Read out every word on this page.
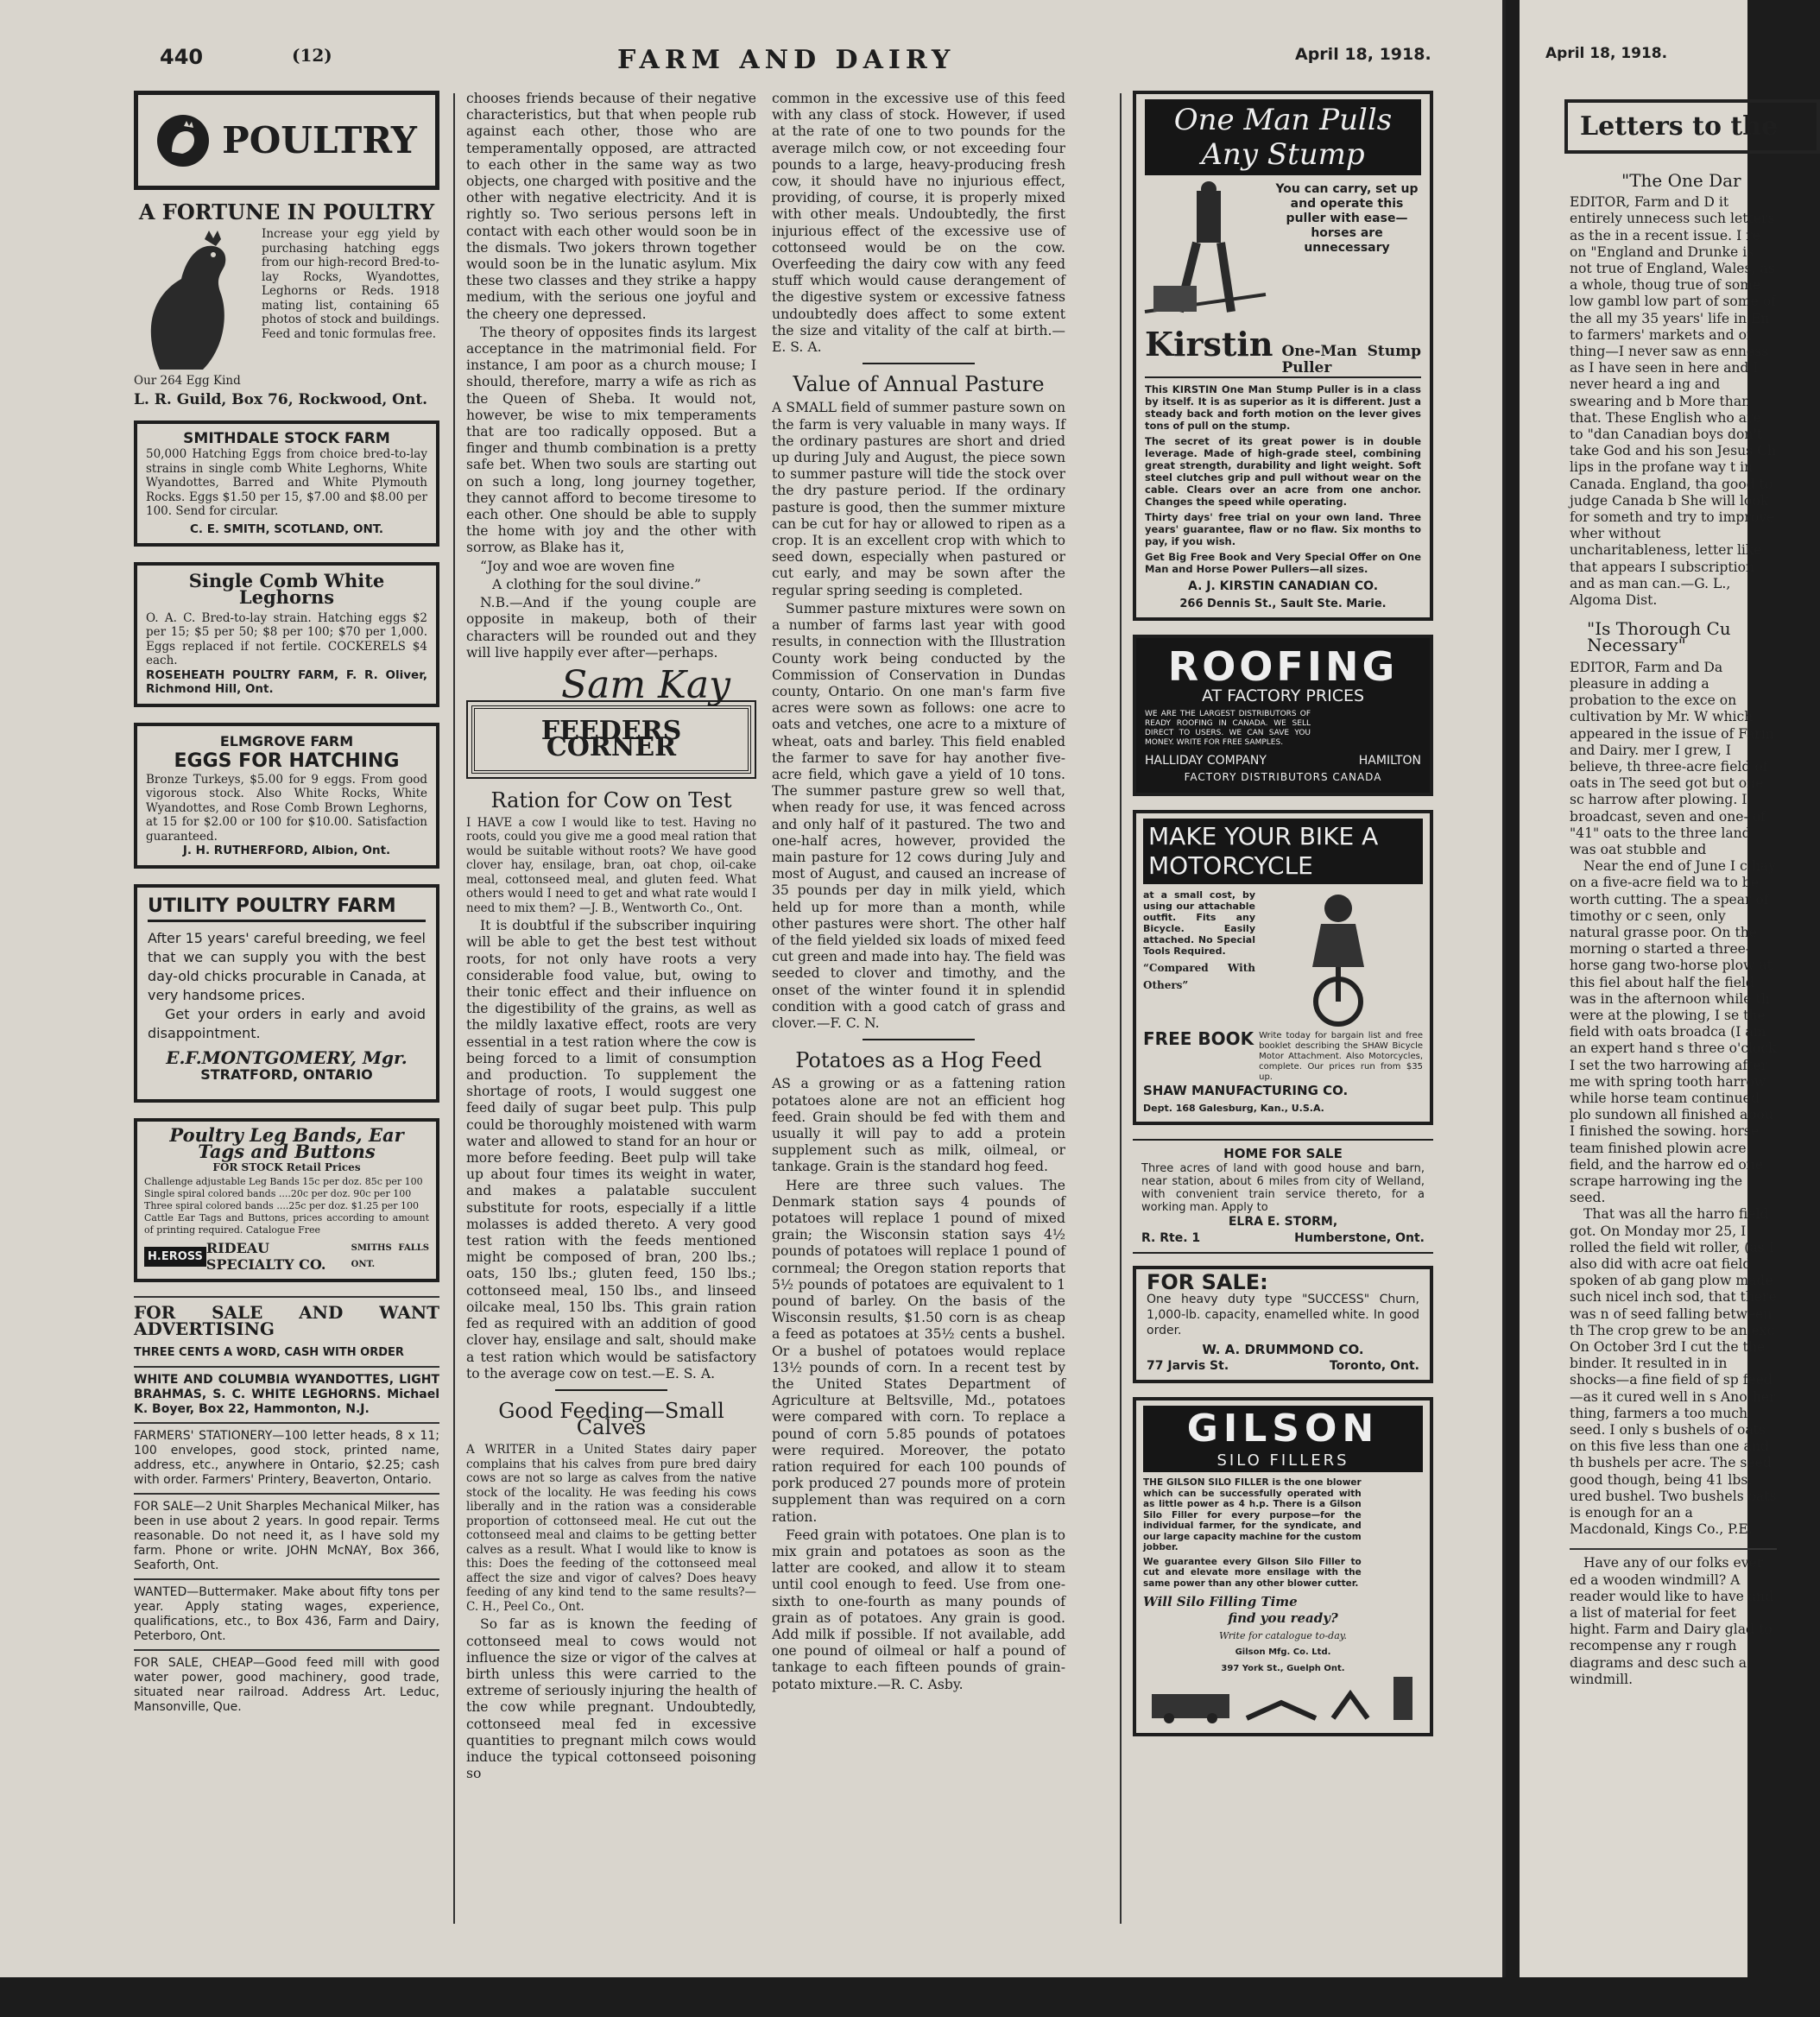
440	(12)	FARM AND DAIRY	April 18, 1918.
POULTRY
A FORTUNE IN POULTRY
Increase your egg yield by purchasing hatching eggs from our high-record Bred-to-lay Rocks, Wyandottes, Leghorns or Reds. 1918 mating list, containing 65 photos of stock and buildings. Feed and tonic formulas free.
Our 264 Egg Kind
L. R. Guild, Box 76, Rockwood, Ont.
SMITHDALE STOCK FARM
50,000 Hatching Eggs from choice bred-to-lay strains in single comb White Leghorns, White Wyandottes, Barred and White Plymouth Rocks. Eggs $1.50 per 15, $7.00 and $8.00 per 100. Send for circular.
C. E. SMITH, SCOTLAND, ONT.
Single Comb White Leghorns
O. A. C. Bred-to-lay strain. Hatching eggs $2 per 15; $5 per 50; $8 per 100; $70 per 1,000. Eggs replaced if not fertile. COCKERELS $4 each.
ROSEHEATH POULTRY FARM, F. R. Oliver, Richmond Hill, Ont.
ELMGROVE FARM
EGGS FOR HATCHING
Bronze Turkeys, $5.00 for 9 eggs. From good vigorous stock. Also White Rocks, White Wyandottes, and Rose Comb Brown Leghorns, at 15 for $2.00 or 100 for $10.00. Satisfaction guaranteed.
J. H. RUTHERFORD, Albion, Ont.
UTILITY POULTRY FARM
After 15 years' careful breeding, we feel that we can supply you with the best day-old chicks procurable in Canada, at very handsome prices.
Get your orders in early and avoid disappointment.
E.F.MONTGOMERY, Mgr.
STRATFORD, ONTARIO
Poultry Leg Bands, Ear Tags and Buttons
FOR STOCK Retail Prices
Challenge adjustable Leg Bands 15c per doz. 85c per 100
Single spiral colored bands ....20c per doz. 90c per 100
Three spiral colored bands ....25c per doz. $1.25 per 100
Cattle Ear Tags and Buttons, prices according to amount of printing required. Catalogue Free
H.EROSS
RIDEAU SPECIALTY CO.
SMITHS FALLS ONT.
FOR SALE AND WANT ADVERTISING
THREE CENTS A WORD, CASH WITH ORDER
WHITE AND COLUMBIA WYANDOTTES, LIGHT BRAHMAS, S. C. WHITE LEGHORNS. Michael K. Boyer, Box 22, Hammonton, N.J.
FARMERS' STATIONERY—100 letter heads, 8 x 11; 100 envelopes, good stock, printed name, address, etc., anywhere in Ontario, $2.25; cash with order. Farmers' Printery, Beaverton, Ontario.
FOR SALE—2 Unit Sharples Mechanical Milker, has been in use about 2 years. In good repair. Terms reasonable. Do not need it, as I have sold my farm. Phone or write. JOHN McNAY, Box 366, Seaforth, Ont.
WANTED—Buttermaker. Make about fifty tons per year. Apply stating wages, experience, qualifications, etc., to Box 436, Farm and Dairy, Peterboro, Ont.
FOR SALE, CHEAP—Good feed mill with good water power, good machinery, good trade, situated near railroad. Address Art. Leduc, Mansonville, Que.

chooses friends because of their negative characteristics, but that when people rub against each other, those who are temperamentally opposed, are attracted to each other in the same way as two objects, one charged with positive and the other with negative electricity. And it is rightly so. Two serious persons left in contact with each other would soon be in the dismals. Two jokers thrown together would soon be in the lunatic asylum. Mix these two classes and they strike a happy medium, with the serious one joyful and the cheery one depressed.

The theory of opposites finds its largest acceptance in the matrimonial field. For instance, I am poor as a church mouse; I should, therefore, marry a wife as rich as the Queen of Sheba. It would not, however, be wise to mix temperaments that are too radically opposed. But a finger and thumb combination is a pretty safe bet. When two souls are starting out on such a long, long journey together, they cannot afford to become tiresome to each other. One should be able to supply the home with joy and the other with sorrow, as Blake has it,

“Joy and woe are woven fine

A clothing for the soul divine.”

N.B.—And if the young couple are opposite in makeup, both of their characters will be rounded out and they will live happily ever after—perhaps.

Sam Kay
FEEDERS CORNER
Ration for Cow on Test
I HAVE a cow I would like to test. Having no roots, could you give me a good meal ration that would be suitable without roots? We have good clover hay, ensilage, bran, oat chop, oil-cake meal, cottonseed meal, and gluten feed. What others would I need to get and what rate would I need to mix them? —J. B., Wentworth Co., Ont.

It is doubtful if the subscriber inquiring will be able to get the best test without roots, for not only have roots a very considerable food value, but, owing to their tonic effect and their influence on the digestibility of the grains, as well as the mildly laxative effect, roots are very essential in a test ration where the cow is being forced to a limit of consumption and production. To supplement the shortage of roots, I would suggest one feed daily of sugar beet pulp. This pulp could be thoroughly moistened with warm water and allowed to stand for an hour or more before feeding. Beet pulp will take up about four times its weight in water, and makes a palatable succulent substitute for roots, especially if a little molasses is added thereto. A very good test ration with the feeds mentioned might be composed of bran, 200 lbs.; oats, 150 lbs.; gluten feed, 150 lbs.; cottonseed meal, 150 lbs., and linseed oilcake meal, 150 lbs. This grain ration fed as required with an addition of good clover hay, ensilage and salt, should make a test ration which would be satisfactory to the average cow on test.—E. S. A.

Good Feeding—Small Calves
A WRITER in a United States dairy paper complains that his calves from pure bred dairy cows are not so large as calves from the native stock of the locality. He was feeding his cows liberally and in the ration was a considerable proportion of cottonseed meal. He cut out the cottonseed meal and claims to be getting better calves as a result. What I would like to know is this: Does the feeding of the cottonseed meal affect the size and vigor of calves? Does heavy feeding of any kind tend to the same results?—C. H., Peel Co., Ont.

So far as is known the feeding of cottonseed meal to cows would not influence the size or vigor of the calves at birth unless this were carried to the extreme of seriously injuring the health of the cow while pregnant. Undoubtedly, cottonseed meal fed in excessive quantities to pregnant milch cows would induce the typical cottonseed poisoning so

common in the excessive use of this feed with any class of stock. However, if used at the rate of one to two pounds for the average milch cow, or not exceeding four pounds to a large, heavy-producing fresh cow, it should have no injurious effect, providing, of course, it is properly mixed with other meals. Undoubtedly, the first injurious effect of the excessive use of cottonseed would be on the cow. Overfeeding the dairy cow with any feed stuff which would cause derangement of the digestive system or excessive fatness undoubtedly does affect to some extent the size and vitality of the calf at birth.—E. S. A.

Value of Annual Pasture

A SMALL field of summer pasture sown on the farm is very valuable in many ways. If the ordinary pastures are short and dried up during July and August, the piece sown to summer pasture will tide the stock over the dry pasture period. If the ordinary pasture is good, then the summer mixture can be cut for hay or allowed to ripen as a crop. It is an excellent crop with which to seed down, especially when pastured or cut early, and may be sown after the regular spring seeding is completed.

Summer pasture mixtures were sown on a number of farms last year with good results, in connection with the Illustration County work being conducted by the Commission of Conservation in Dundas county, Ontario. On one man's farm five acres were sown as follows: one acre to oats and vetches, one acre to a mixture of wheat, oats and barley. This field enabled the farmer to save for hay another five-acre field, which gave a yield of 10 tons. The summer pasture grew so well that, when ready for use, it was fenced across and only half of it pastured. The two and one-half acres, however, provided the main pasture for 12 cows during July and most of August, and caused an increase of 35 pounds per day in milk yield, which held up for more than a month, while other pastures were short. The other half of the field yielded six loads of mixed feed cut green and made into hay. The field was seeded to clover and timothy, and the onset of the winter found it in splendid condition with a good catch of grass and clover.—F. C. N.

Potatoes as a Hog Feed

AS a growing or as a fattening ration potatoes alone are not an efficient hog feed. Grain should be fed with them and usually it will pay to add a protein supplement such as milk, oilmeal, or tankage. Grain is the standard hog feed.

Here are three such values. The Denmark station says 4 pounds of potatoes will replace 1 pound of mixed grain; the Wisconsin station says 4½ pounds of potatoes will replace 1 pound of cornmeal; the Oregon station reports that 5½ pounds of potatoes are equivalent to 1 pound of barley. On the basis of the Wisconsin results, $1.50 corn is as cheap a feed as potatoes at 35½ cents a bushel. Or a bushel of potatoes would replace 13½ pounds of corn. In a recent test by the United States Department of Agriculture at Beltsville, Md., potatoes were compared with corn. To replace a pound of corn 5.85 pounds of potatoes were required. Moreover, the potato ration required for each 100 pounds of pork produced 27 pounds more of protein supplement than was required on a corn ration.

Feed grain with potatoes. One plan is to mix grain and potatoes as soon as the latter are cooked, and allow it to steam until cool enough to feed. Use from one-sixth to one-fourth as many pounds of grain as of potatoes. Any grain is good. Add milk if possible. If not available, add one pound of oilmeal or half a pound of tankage to each fifteen pounds of grain-potato mixture.—R. C. Asby.

One Man Pulls
Any Stump
You can carry, set up and operate this puller with ease—horses are unnecessary
Kirstin One-Man Stump Puller
This KIRSTIN One Man Stump Puller is in a class by itself. It is as superior as it is different. Just a steady back and forth motion on the lever gives tons of pull on the stump.
The secret of its great power is in double leverage. Made of high-grade steel, combining great strength, durability and light weight. Soft steel clutches grip and pull without wear on the cable. Clears over an acre from one anchor. Changes the speed while operating.
Thirty days' free trial on your own land. Three years' guarantee, flaw or no flaw. Six months to pay, if you wish.
Get Big Free Book and Very Special Offer on One Man and Horse Power Pullers—all sizes.
A. J. KIRSTIN CANADIAN CO.
266 Dennis St., Sault Ste. Marie.
ROOFING
AT FACTORY PRICES
WE ARE THE LARGEST DISTRIBUTORS OF READY ROOFING IN CANADA. WE SELL DIRECT TO USERS. WE CAN SAVE YOU MONEY. WRITE FOR FREE SAMPLES.
HALLIDAY COMPANY	HAMILTON
FACTORY DISTRIBUTORS CANADA
MAKE YOUR BIKE A
MOTORCYCLE
at a small cost, by using our attachable outfit. Fits any Bicycle. Easily attached. No Special Tools Required.
“Compared With Others”
FREE BOOK Write today for bargain list and free booklet describing the SHAW Bicycle Motor Attachment. Also Motorcycles, complete. Our prices run from $35 up.
SHAW MANUFACTURING CO.
Dept. 168 Galesburg, Kan., U.S.A.
HOME FOR SALE
Three acres of land with good house and barn, near station, about 6 miles from city of Welland, with convenient train service thereto, for a working man. Apply to
ELRA E. STORM,
R. Rte. 1	Humberstone, Ont.
FOR SALE:
One heavy duty type "SUCCESS" Churn, 1,000-lb. capacity, enamelled white. In good order.
W. A. DRUMMOND CO.
77 Jarvis St.	Toronto, Ont.
GILSON
SILO FILLERS
THE GILSON SILO FILLER is the one blower which can be successfully operated with as little power as 4 h.p. There is a Gilson Silo Filler for every purpose—for the individual farmer, for the syndicate, and our large capacity machine for the custom jobber.
We guarantee every Gilson Silo Filler to cut and elevate more ensilage with the same power than any other blower cutter.
Will Silo Filling Time
find you ready?
Write for catalogue to-day.
Gilson Mfg. Co. Ltd.
397 York St., Guelph Ont.
April 18, 1918.
Letters to the
"The One Dar
EDITOR, Farm and D it entirely unnecess such letters as the in a recent issue. I re on "England and Drunke is not true of England, Wales, as a whole, thoug true of some low gambl low part of some of the all my 35 years' life in En to farmers' markets and of thing—I never saw as enness as I have seen in here and I never heard a ing and swearing and b More than that. These English who are to "dan Canadian boys don't take God and his son Jesus Ch lips in the profane way t in Canada. England, tha good to judge Canada b She will look for someth and try to improve wher without uncharitableness, letter like that appears I subscription and as man can.—G. L., Algoma Dist.
"Is Thorough Cu Necessary"
EDITOR, Farm and Da pleasure in adding a probation to the exce on cultivation by Mr. W which appeared in the issue of Farm and Dairy. mer I grew, I believe, th three-acre field of oats in The seed got but one sc harrow after plowing. I broadcast, seven and one- of "41" oats to the three land was oat stubble and
Near the end of June I c hay on a five-acre field wa to be worth cutting. The a spear of timothy or c seen, only natural grasse poor. On the morning o started a three-horse gang two-horse plow at this fiel about half the field was in the afternoon while th were at the plowing, I se the field with oats broadca (I am an expert hand s three o'clock I set the two harrowing after me with spring tooth harrow while horse team continued plo sundown all finished abou I finished the sowing. horse team finished plowin acre field, and the harrow ed one scrape harrowing ing the seed.
That was all the harro field got. On Monday mor 25, I rolled the field wit roller, (as I also did with acre oat field spoken of ab gang plow made such nicel inch sod, that there was n of seed falling between th The crop grew to be an exc On October 3rd I cut the the binder. It resulted in in shocks—a fine field of sp feed—as it cured well in s Another thing, farmers a too much seed. I only s bushels of oats on this five less than one and th bushels per acre. The seed good though, being 41 lbs. ured bushel. Two bushels oats is enough for an a Macdonald, Kings Co., P.E.
Have any of our folks ever ed a wooden windmill? A reader would like to have and a list of material for feet hight. Farm and Dairy glad to recompense any r rough diagrams and desc such a windmill.
